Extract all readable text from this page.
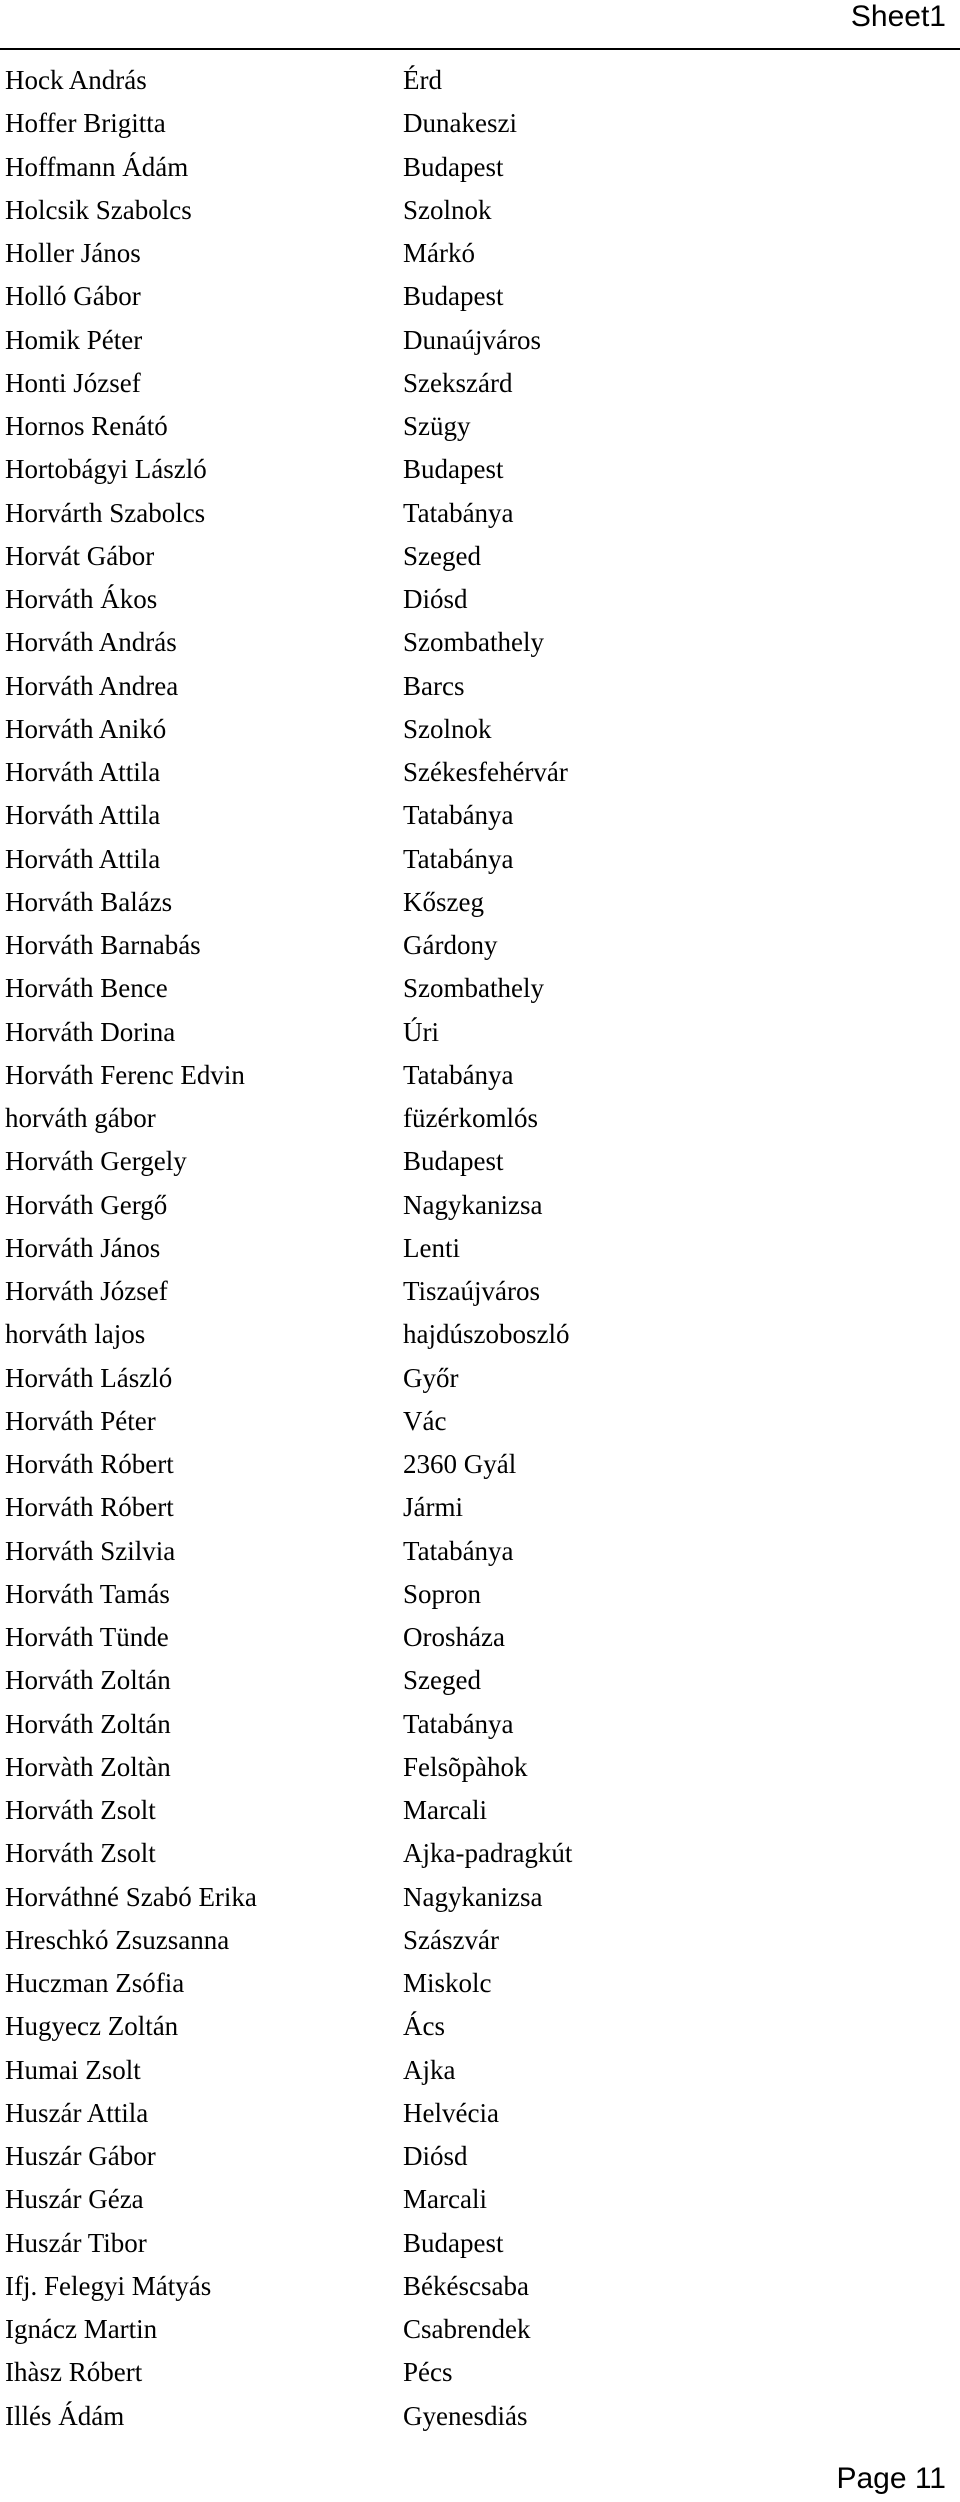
Sheet1
Hock András	Érd
Hoffer Brigitta	Dunakeszi
Hoffmann Ádám	Budapest
Holcsik Szabolcs	Szolnok
Holler János	Márkó
Holló Gábor	Budapest
Homik Péter	Dunaújváros
Honti József	Szekszárd
Hornos Renátó	Szügy
Hortobágyi László	Budapest
Horvárth Szabolcs	Tatabánya
Horvát Gábor	Szeged
Horváth Ákos	Diósd
Horváth András	Szombathely
Horváth Andrea	Barcs
Horváth Anikó	Szolnok
Horváth Attila	Székesfehérvár
Horváth Attila	Tatabánya
Horváth Attila	Tatabánya
Horváth Balázs	Kőszeg
Horváth Barnabás	Gárdony
Horváth Bence	Szombathely
Horváth Dorina	Úri
Horváth Ferenc Edvin	Tatabánya
horváth gábor	füzérkomlós
Horváth Gergely	Budapest
Horváth Gergő	Nagykanizsa
Horváth János	Lenti
Horváth József	Tiszaújváros
horváth lajos	hajdúszoboszló
Horváth László	Győr
Horváth Péter	Vác
Horváth Róbert	2360 Gyál
Horváth Róbert	Jármi
Horváth Szilvia	Tatabánya
Horváth Tamás	Sopron
Horváth Tünde	Orosháza
Horváth Zoltán	Szeged
Horváth Zoltán	Tatabánya
Horvàth Zoltàn	Felsõpàhok
Horváth Zsolt	Marcali
Horváth Zsolt	Ajka-padragkút
Horváthné Szabó Erika	Nagykanizsa
Hreschkó Zsuzsanna	Szászvár
Huczman Zsófia	Miskolc
Hugyecz Zoltán	Ács
Humai Zsolt	Ajka
Huszár Attila	Helvécia
Huszár Gábor	Diósd
Huszár Géza	Marcali
Huszár Tibor	Budapest
Ifj. Felegyi Mátyás	Békéscsaba
Ignácz Martin	Csabrendek
Ihàsz Róbert	Pécs
Illés Ádám	Gyenesdiás
Page 11
